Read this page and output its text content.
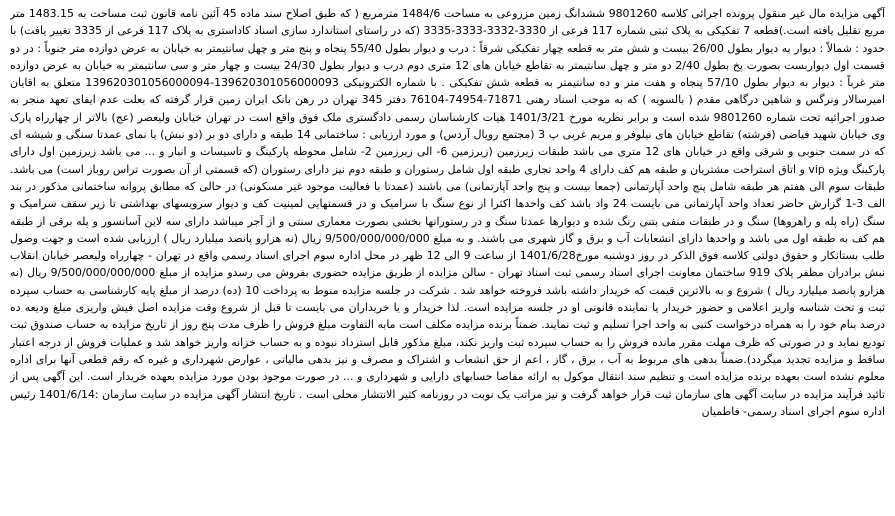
آگهی مزایده مال غیر منقول پرونده اجرائی کلاسه 9801260 ششدانگ زمین مزروعی به مساحت 1484/6 مترمربع ( که طبق اصلاح سند ماده 45 آئین نامه قانون ثبت مساحت به 1483.15 متر مربع تقلیل یافته است.)قطعه 7 تفکیکی به پلاک ثبتی شماره 117 فرعی از 3330-3332-3333-3335 (که در راستای استاندارد سازی اسناد کاداستری به پلاک 117 فرعی از 3335 تغییر یافت) با حدود : شمالاً : دیوار به دیوار بطول 26/00 بیست و شش متر به قطعه چهار تفکیکی شرقاً : درب و دیوار بطول 55/40 پنجاه و پنج متر و چهل سانتیمتر به خیابان به عرض دوازده متر جنوباً : در دو قسمت اول دیواربست بصورت پخ بطول 2/40 دو متر و چهل سانتیمتر به تقاطع خیابان های 12 متری دوم درب و دیوار بطول 24/30 بیست و چهار متر و سی سانتیمتر به خیابان به عرض دوازده متر غرباً : دیوار به دیوار بطول 57/10 پنجاه و هفت متر و ده سانتیمتر به قطعه شش تفکیکی . با شماره الکترونیکی 139620301056000093-139620301056000094 متعلق به اقایان امیرسالار ونرگس و شاهین درگاهی مقدم ( بالسویه ) که به موجب اسناد رهنی 71871-74954-76104 دفتر 345 تهران در رهن بانک ایران زمین قرار گرفته که بعلت عدم ایفای تعهد منجر به صدور اجرائیه تحت شماره 9801260 شده است و برابر نظریه مورخ 1401/3/21 هیات کارشناسان رسمی دادگستری ملک فوق واقع است در تهران خیابان ولیعصر (عج) بالاتر از چهارراه پارک وی خیابان شهید فیاضی (فرشته) تقاطع خیابان های نیلوفر و مریم غربی پ 3 (مجتمع رویال آردس) و مورد ارزیابی : ساختمانی 14 طبقه و دارای دو بر (دو نبش) با نمای عمدتا سنگی و شیشه ای که در سمت جنوبی و شرقی واقع در خیابان های 12 متری می باشد طبقات زیرزمین (زیرزمین 6- الی زیرزمین 2- شامل محوطه پارکینگ و تاسیسات و انبار و ... می باشد زیرزمین اول دارای پارکینگ ویژه vip و اتاق استراحت مشتریان و طبقه هم کف دارای 4 واحد تجاری طبقه اول شامل رستوران و طبقه دوم نیز دارای رستوران (که قسمتی از آن بصورت تراس روباز است) می باشد. طبقات سوم الی هفتم هر طبقه شامل پنج واحد آپارتمانی (جمعا بیست و پنج واحد آپارتمانی) می باشند (عمدتا با فعالیت موجود غیر مسکونی) در حالی که مطابق پروانه ساختمانی مذکور در بند الف 3-1 گزارش حاضر تعداد واحد آپارتمانی می بایست 24 واد باشد کف واحدها اکثرا از نوع سنگ با سرامیک و در قسمتهایی لمینیت کف و دیوار سرویسهای بهداشتی تا زیر سقف سرامیک و سنگ (راه پله و راهروها) سنگ و در طبقات منفی بتنی رنگ شده و دیوارها عمدتا سنگ و در رستورانها بخشی بصورت معماری سنتی و از آجر میباشد دارای سه لاین آسانسور و پله برقی از طبقه هم کف به طبقه اول می باشد و واحدها دارای انشعابات آب و برق و گاز شهری می باشند. و به مبلغ 9/500/000/000/000 ریال (نه هزارو پانصد میلیارد ریال ) ارزیابی شده است و جهت وصول طلب بستانکار و حقوق دولتی کلاسه فوق الذکر در روز دوشنبه مورخ1401/6/28 از ساعت 9 الی 12 ظهر در محل اداره سوم اجرای اسناد رسمی واقع در تهران - چهارراه ولیعصر خیابان انقلاب نبش برادران مظفر پلاک 919 ساختمان معاونت اجرای اسناد رسمی ثبت اسناد تهران - سالن مزایده از طریق مزایده حضوری بفروش می رسدو مزایده از مبلغ 9/500/000/000/000 ریال (نه هزارو پانصد میلیارد ریال ) شروع و به بالاترین قیمت که خریدار داشته باشد فروخته خواهد شد . شرکت در جلسه مزایده منوط به پرداخت 10 (ده) درصد از مبلغ پایه کارشناسی به حساب سپرده ثبت و تحت شناسه واریز اعلامی و حضور خریدار یا نماینده قانونی او در جلسه مزایده است. لذا خریدار و یا خریداران می بایست تا قبل از شروع وقت مزایده اصل فیش واریزی مبلغ ودیعه ده درصد بنام خود را به همراه درخواست کتبی به واحد اجرا تسلیم و ثبت نمایند. ضمناً برنده مزایده مکلف است مابه التفاوت مبلغ فروش را ظرف مدت پنج روز از تاریخ مزایده به حساب صندوق ثبت تودیع نماید و در صورتی که ظرف مهلت مقرر مانده فروش را به حساب سپرده ثبت واریز نکند، مبلغ مذکور قابل استرداد نبوده و به حساب خزانه واریز خواهد شد و عملیات فروش از درجه اعتبار ساقط و مزایده تجدید میگردد).ضمناً بدهی های مربوط به آب ، برق ، گاز ، اعم از حق انشعاب و اشتراک و مصرف و نیز بدهی مالیاتی ، عوارض شهرداری و غیره که رقم قطعی آنها برای اداره معلوم نشده است بعهده برنده مزایده است و تنظیم سند انتقال موکول به ارائه مفاصا حسابهای دارایی و شهرداری و ... در صورت موجود بودن مورد مزایده بعهده خریدار است. این آگهی پس از تائید فرآیند مزایده در سایت آگهی های سازمان ثبت قرار خواهد گرفت و نیز مراتب یک نوبت در روزنامه کثیر الانتشار محلی است . تاریخ انتشار آگهی مزایده در سایت سازمان :1401/6/14 رئیس اداره سوم اجرای اسناد رسمی- فاطمیان
